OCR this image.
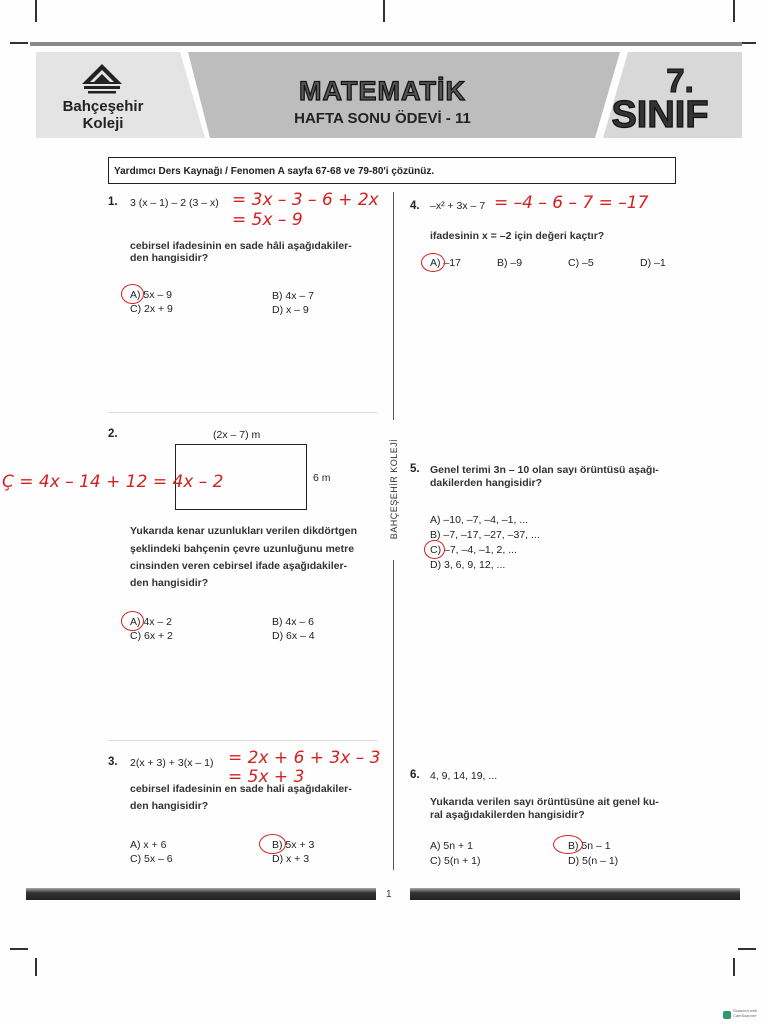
Bahçeşehir
Koleji
MATEMATİK
HAFTA SONU ÖDEVİ - 11
7.
SINIF
Yardımcı Ders Kaynağı / Fenomen A sayfa 67-68 ve 79-80'i çözünüz.
BAHÇEŞEHİR KOLEJİ
1. 3 (x – 1) – 2 (3 – x) = 3x – 3 – 6 + 2x
= 5x – 9
cebirsel ifadesinin en sade hâli aşağıdakiler-
den hangisidir?
A) 5x – 9	B) 4x – 7
C) 2x + 9	D) x – 9
2.	(2x – 7) m
6 m
Ç = 4x – 14 + 12 = 4x – 2
Yukarıda kenar uzunlukları verilen dikdörtgen
şeklindeki bahçenin çevre uzunluğunu metre
cinsinden veren cebirsel ifade aşağıdakiler-
den hangisidir?
A) 4x – 2	B) 4x – 6
C) 6x + 2	D) 6x – 4
3. 2(x + 3) + 3(x – 1) = 2x + 6 + 3x – 3
= 5x + 3
cebirsel ifadesinin en sade hali aşağıdakiler-
den hangisidir?
A) x + 6	B) 5x + 3
C) 5x – 6	D) x + 3
4. –x² + 3x – 7 = –4 – 6 – 7 = –17
ifadesinin x = –2 için değeri kaçtır?
A) –17	B) –9	C) –5	D) –1
5. Genel terimi 3n – 10 olan sayı örüntüsü aşağı-
dakilerden hangisidir?
A) –10, –7, –4, –1, ...
B) –7, –17, –27, –37, ...
C) –7, –4, –1, 2, ...
D) 3, 6, 9, 12, ...
6. 4, 9, 14, 19, ...
Yukarıda verilen sayı örüntüsüne ait genel ku-
ral aşağıdakilerden hangisidir?
A) 5n + 1	B) 5n – 1
C) 5(n + 1)	D) 5(n – 1)
1
Scanned with CamScanner
